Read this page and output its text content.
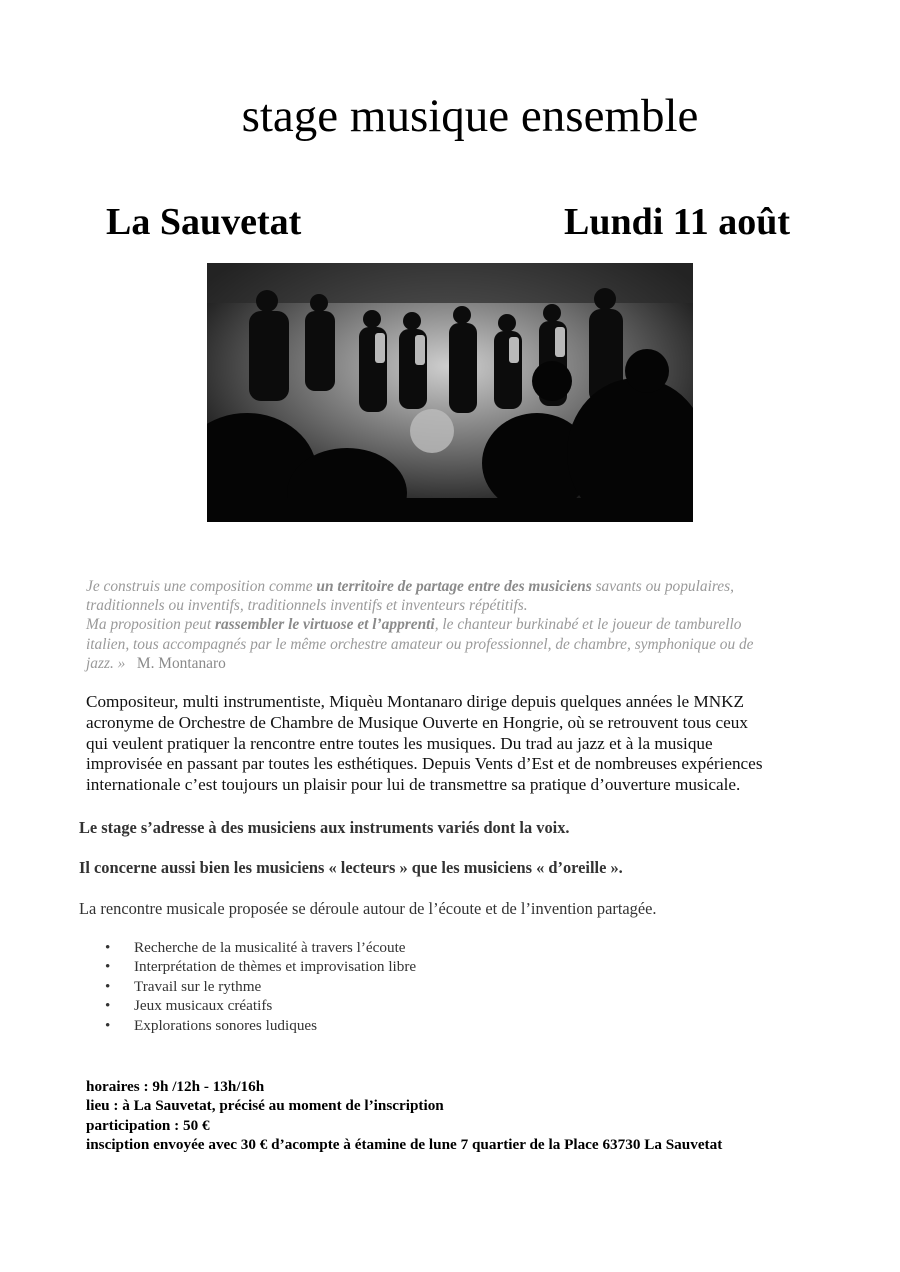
stage musique ensemble
La Sauvetat	Lundi 11 août
Je construis une composition comme un territoire de partage entre des musiciens savants ou populaires,
traditionnels ou inventifs, traditionnels inventifs et inventeurs répétitifs.
Ma proposition peut rassembler le virtuose et l’apprenti, le chanteur burkinabé et le joueur de tamburello
italien, tous accompagnés par le même orchestre amateur ou professionnel, de chambre, symphonique ou de
jazz. » M. Montanaro
Compositeur, multi instrumentiste, Miquèu Montanaro dirige depuis quelques années le MNKZ
acronyme de Orchestre de Chambre de Musique Ouverte en Hongrie, où se retrouvent tous ceux
qui veulent pratiquer la rencontre entre toutes les musiques. Du trad au jazz et à la musique
improvisée en passant par toutes les esthétiques. Depuis Vents d’Est et de nombreuses expériences
internationale c’est toujours un plaisir pour lui de transmettre sa pratique d’ouverture musicale.
Le stage s’adresse à des musiciens aux instruments variés dont la voix.
Il concerne aussi bien les musiciens « lecteurs » que les musiciens « d’oreille ».
La rencontre musicale proposée se déroule autour de l’écoute et de l’invention partagée.
• Recherche de la musicalité à travers l’écoute
• Interprétation de thèmes et improvisation libre
• Travail sur le rythme
• Jeux musicaux créatifs
• Explorations sonores ludiques
horaires : 9h /12h - 13h/16h
lieu : à La Sauvetat, précisé au moment de l’inscription
participation : 50 €
insciption envoyée avec 30 € d’acompte à étamine de lune 7 quartier de la Place 63730 La Sauvetat
